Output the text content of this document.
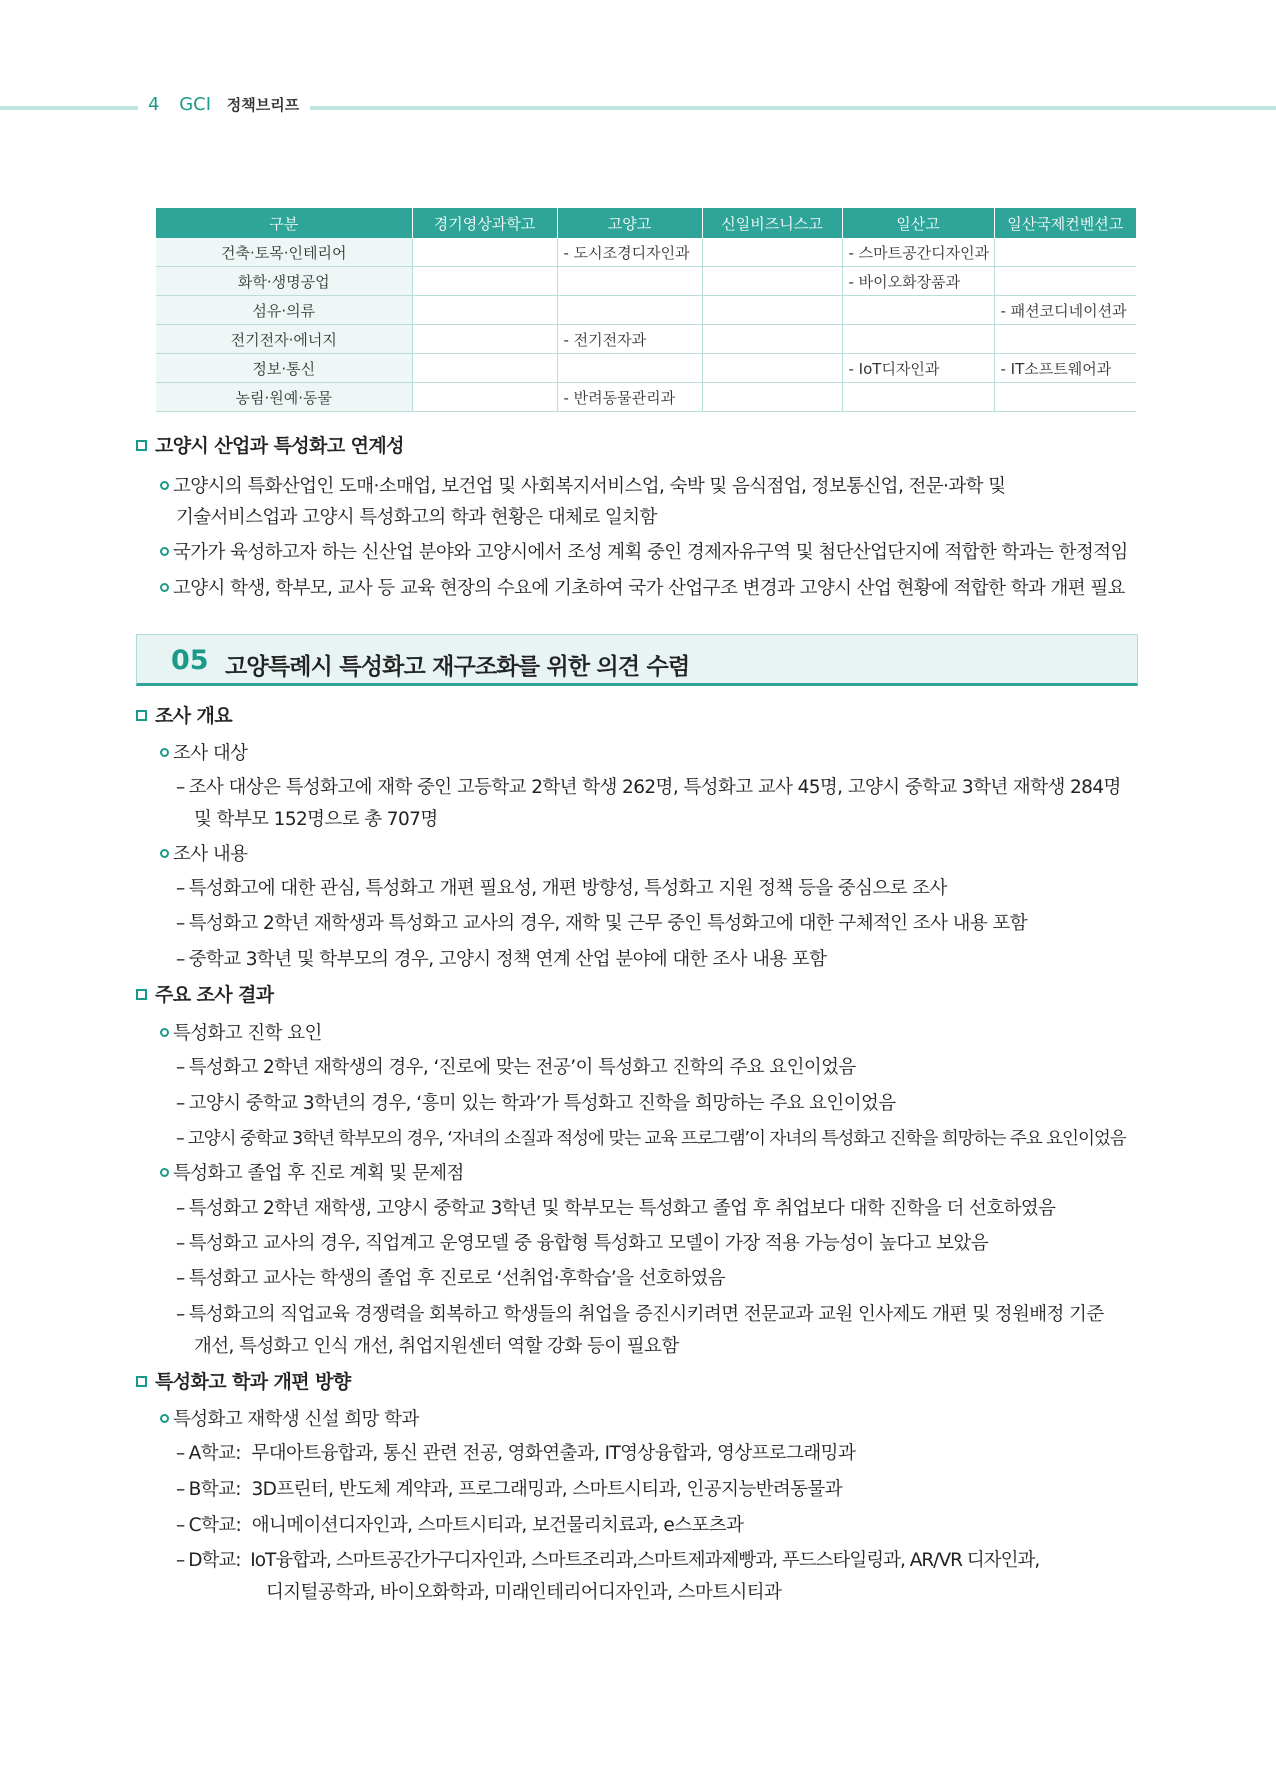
4 GCI 정책브리프
구분	경기영상과학고	고양고	신일비즈니스고	일산고	일산국제컨벤션고
건축·토목·인테리어		- 도시조경디자인과		- 스마트공간디자인과	
화학·생명공업				- 바이오화장품과	
섬유·의류					- 패션코디네이션과
전기전자·에너지		- 전기전자과			
정보·통신				- IoT디자인과	- IT소프트웨어과
농림·원예·동물		- 반려동물관리과			
고양시 산업과 특성화고 연계성
고양시의 특화산업인 도매·소매업, 보건업 및 사회복지서비스업, 숙박 및 음식점업, 정보통신업, 전문·과학 및
기술서비스업과 고양시 특성화고의 학과 현황은 대체로 일치함
국가가 육성하고자 하는 신산업 분야와 고양시에서 조성 계획 중인 경제자유구역 및 첨단산업단지에 적합한 학과는 한정적임
고양시 학생, 학부모, 교사 등 교육 현장의 수요에 기초하여 국가 산업구조 변경과 고양시 산업 현황에 적합한 학과 개편 필요
05 고양특례시 특성화고 재구조화를 위한 의견 수렴
조사 개요
조사 대상
– 조사 대상은 특성화고에 재학 중인 고등학교 2학년 학생 262명, 특성화고 교사 45명, 고양시 중학교 3학년 재학생 284명
및 학부모 152명으로 총 707명
조사 내용
– 특성화고에 대한 관심, 특성화고 개편 필요성, 개편 방향성, 특성화고 지원 정책 등을 중심으로 조사
– 특성화고 2학년 재학생과 특성화고 교사의 경우, 재학 및 근무 중인 특성화고에 대한 구체적인 조사 내용 포함
– 중학교 3학년 및 학부모의 경우, 고양시 정책 연계 산업 분야에 대한 조사 내용 포함
주요 조사 결과
특성화고 진학 요인
– 특성화고 2학년 재학생의 경우, ‘진로에 맞는 전공’이 특성화고 진학의 주요 요인이었음
– 고양시 중학교 3학년의 경우, ‘흥미 있는 학과’가 특성화고 진학을 희망하는 주요 요인이었음
– 고양시 중학교 3학년 학부모의 경우, ‘자녀의 소질과 적성에 맞는 교육 프로그램’이 자녀의 특성화고 진학을 희망하는 주요 요인이었음
특성화고 졸업 후 진로 계획 및 문제점
– 특성화고 2학년 재학생, 고양시 중학교 3학년 및 학부모는 특성화고 졸업 후 취업보다 대학 진학을 더 선호하였음
– 특성화고 교사의 경우, 직업계고 운영모델 중 융합형 특성화고 모델이 가장 적용 가능성이 높다고 보았음
– 특성화고 교사는 학생의 졸업 후 진로로 ‘선취업·후학습’을 선호하였음
– 특성화고의 직업교육 경쟁력을 회복하고 학생들의 취업을 증진시키려면 전문교과 교원 인사제도 개편 및 정원배정 기준
개선, 특성화고 인식 개선, 취업지원센터 역할 강화 등이 필요함
특성화고 학과 개편 방향
특성화고 재학생 신설 희망 학과
– A학교: 무대아트융합과, 통신 관련 전공, 영화연출과, IT영상융합과, 영상프로그래밍과
– B학교: 3D프린터, 반도체 계약과, 프로그래밍과, 스마트시티과, 인공지능반려동물과
– C학교: 애니메이션디자인과, 스마트시티과, 보건물리치료과, e스포츠과
– D학교: IoT융합과, 스마트공간가구디자인과, 스마트조리과,스마트제과제빵과, 푸드스타일링과, AR/VR 디자인과,
디지털공학과, 바이오화학과, 미래인테리어디자인과, 스마트시티과
